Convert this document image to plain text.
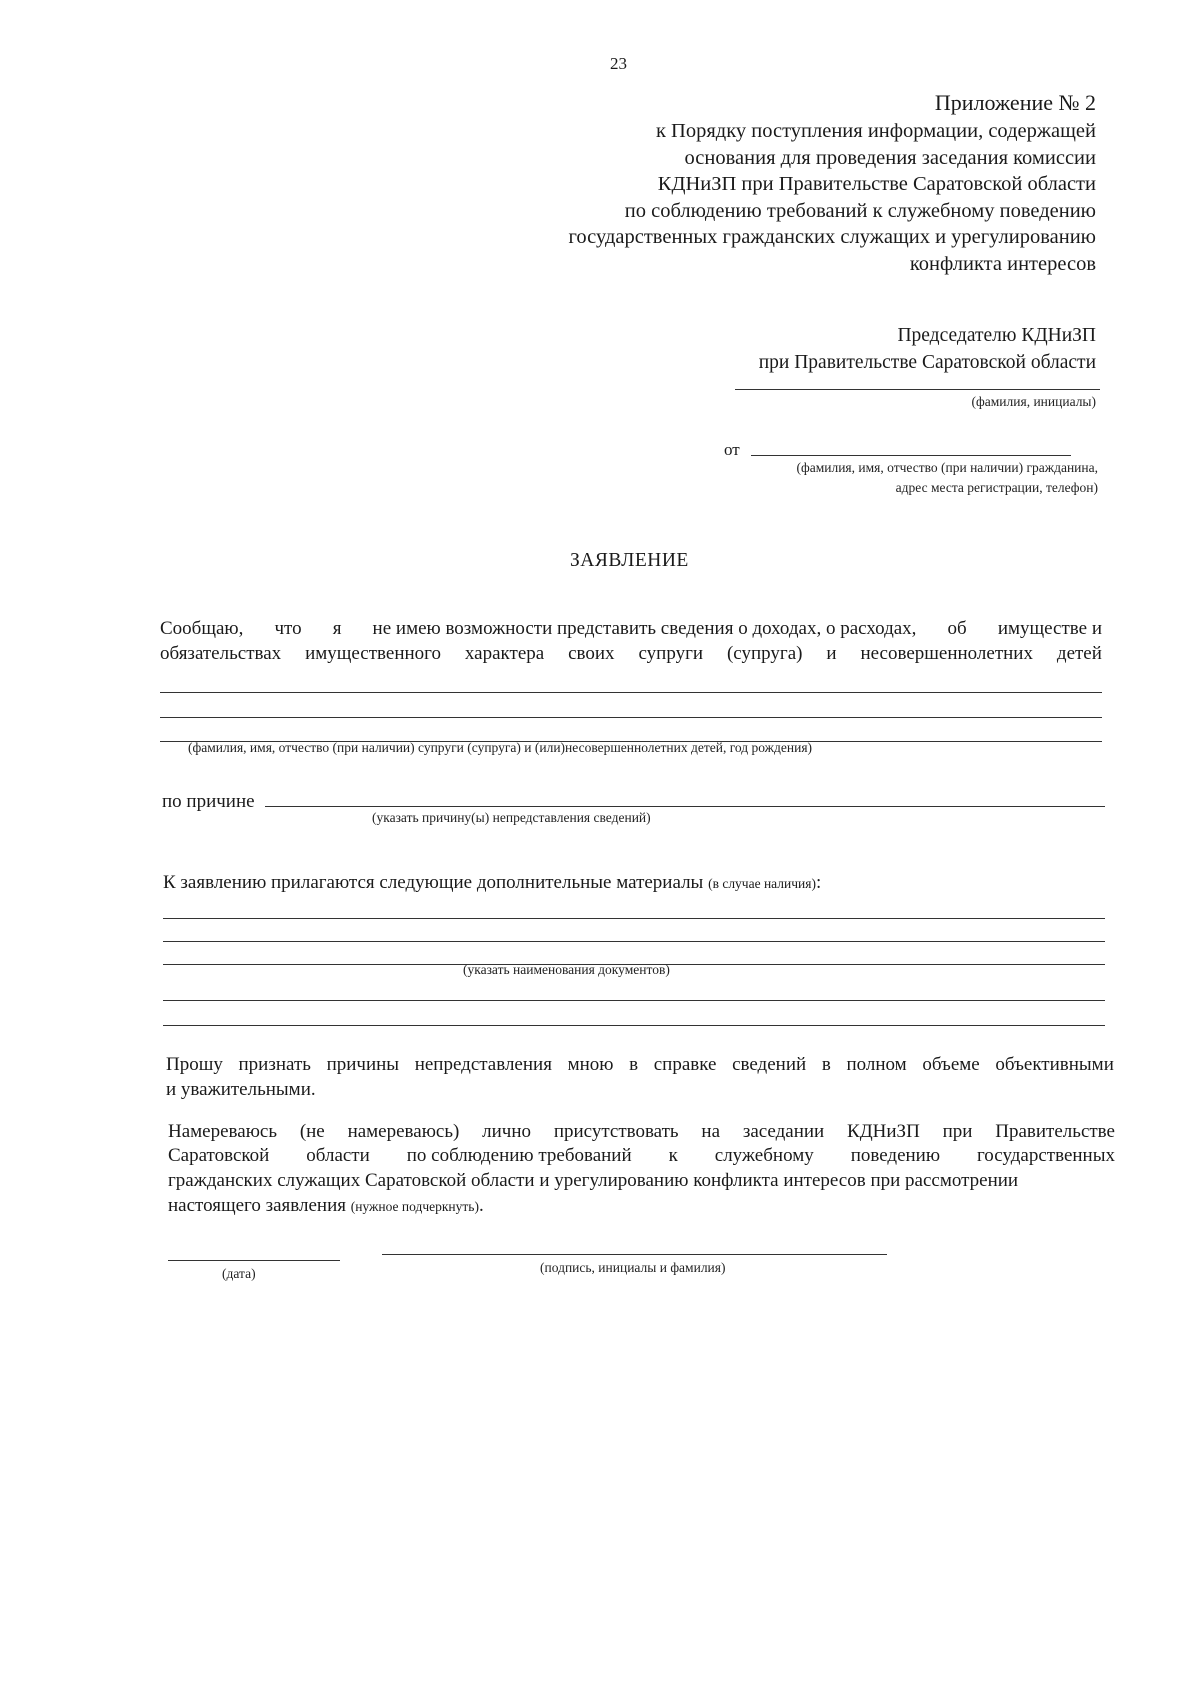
23
Приложение № 2
к Порядку поступления информации, содержащей
основания для проведения заседания комиссии
КДНиЗП при Правительстве Саратовской области
по соблюдению требований к служебному поведению
государственных гражданских служащих и урегулированию
конфликта интересов
Председателю КДНиЗП
при Правительстве Саратовской области
(фамилия, инициалы)
от
(фамилия, имя, отчество (при наличии) гражданина,
адрес места регистрации, телефон)
ЗАЯВЛЕНИЕ
Сообщаю, что я не имею возможности представить сведения о доходах, о расходах, об имуществе и
обязательствах имущественного характера своих супруги (супруга) и несовершеннолетних детей
(фамилия, имя, отчество (при наличии) супруги (супруга) и (или)несовершеннолетних детей, год рождения)
по причине
(указать причину(ы) непредставления сведений)
К заявлению прилагаются следующие дополнительные материалы (в случае наличия):
(указать наименования документов)
Прошу признать причины непредставления мною в справке сведений в полном объеме объективными
и уважительными.
Намереваюсь (не намереваюсь) лично присутствовать на заседании КДНиЗП при Правительстве
Саратовской области по соблюдению требований к служебному поведению государственных
гражданских служащих Саратовской области и урегулированию конфликта интересов при рассмотрении
настоящего заявления (нужное подчеркнуть).
(дата)	(подпись, инициалы и фамилия)
